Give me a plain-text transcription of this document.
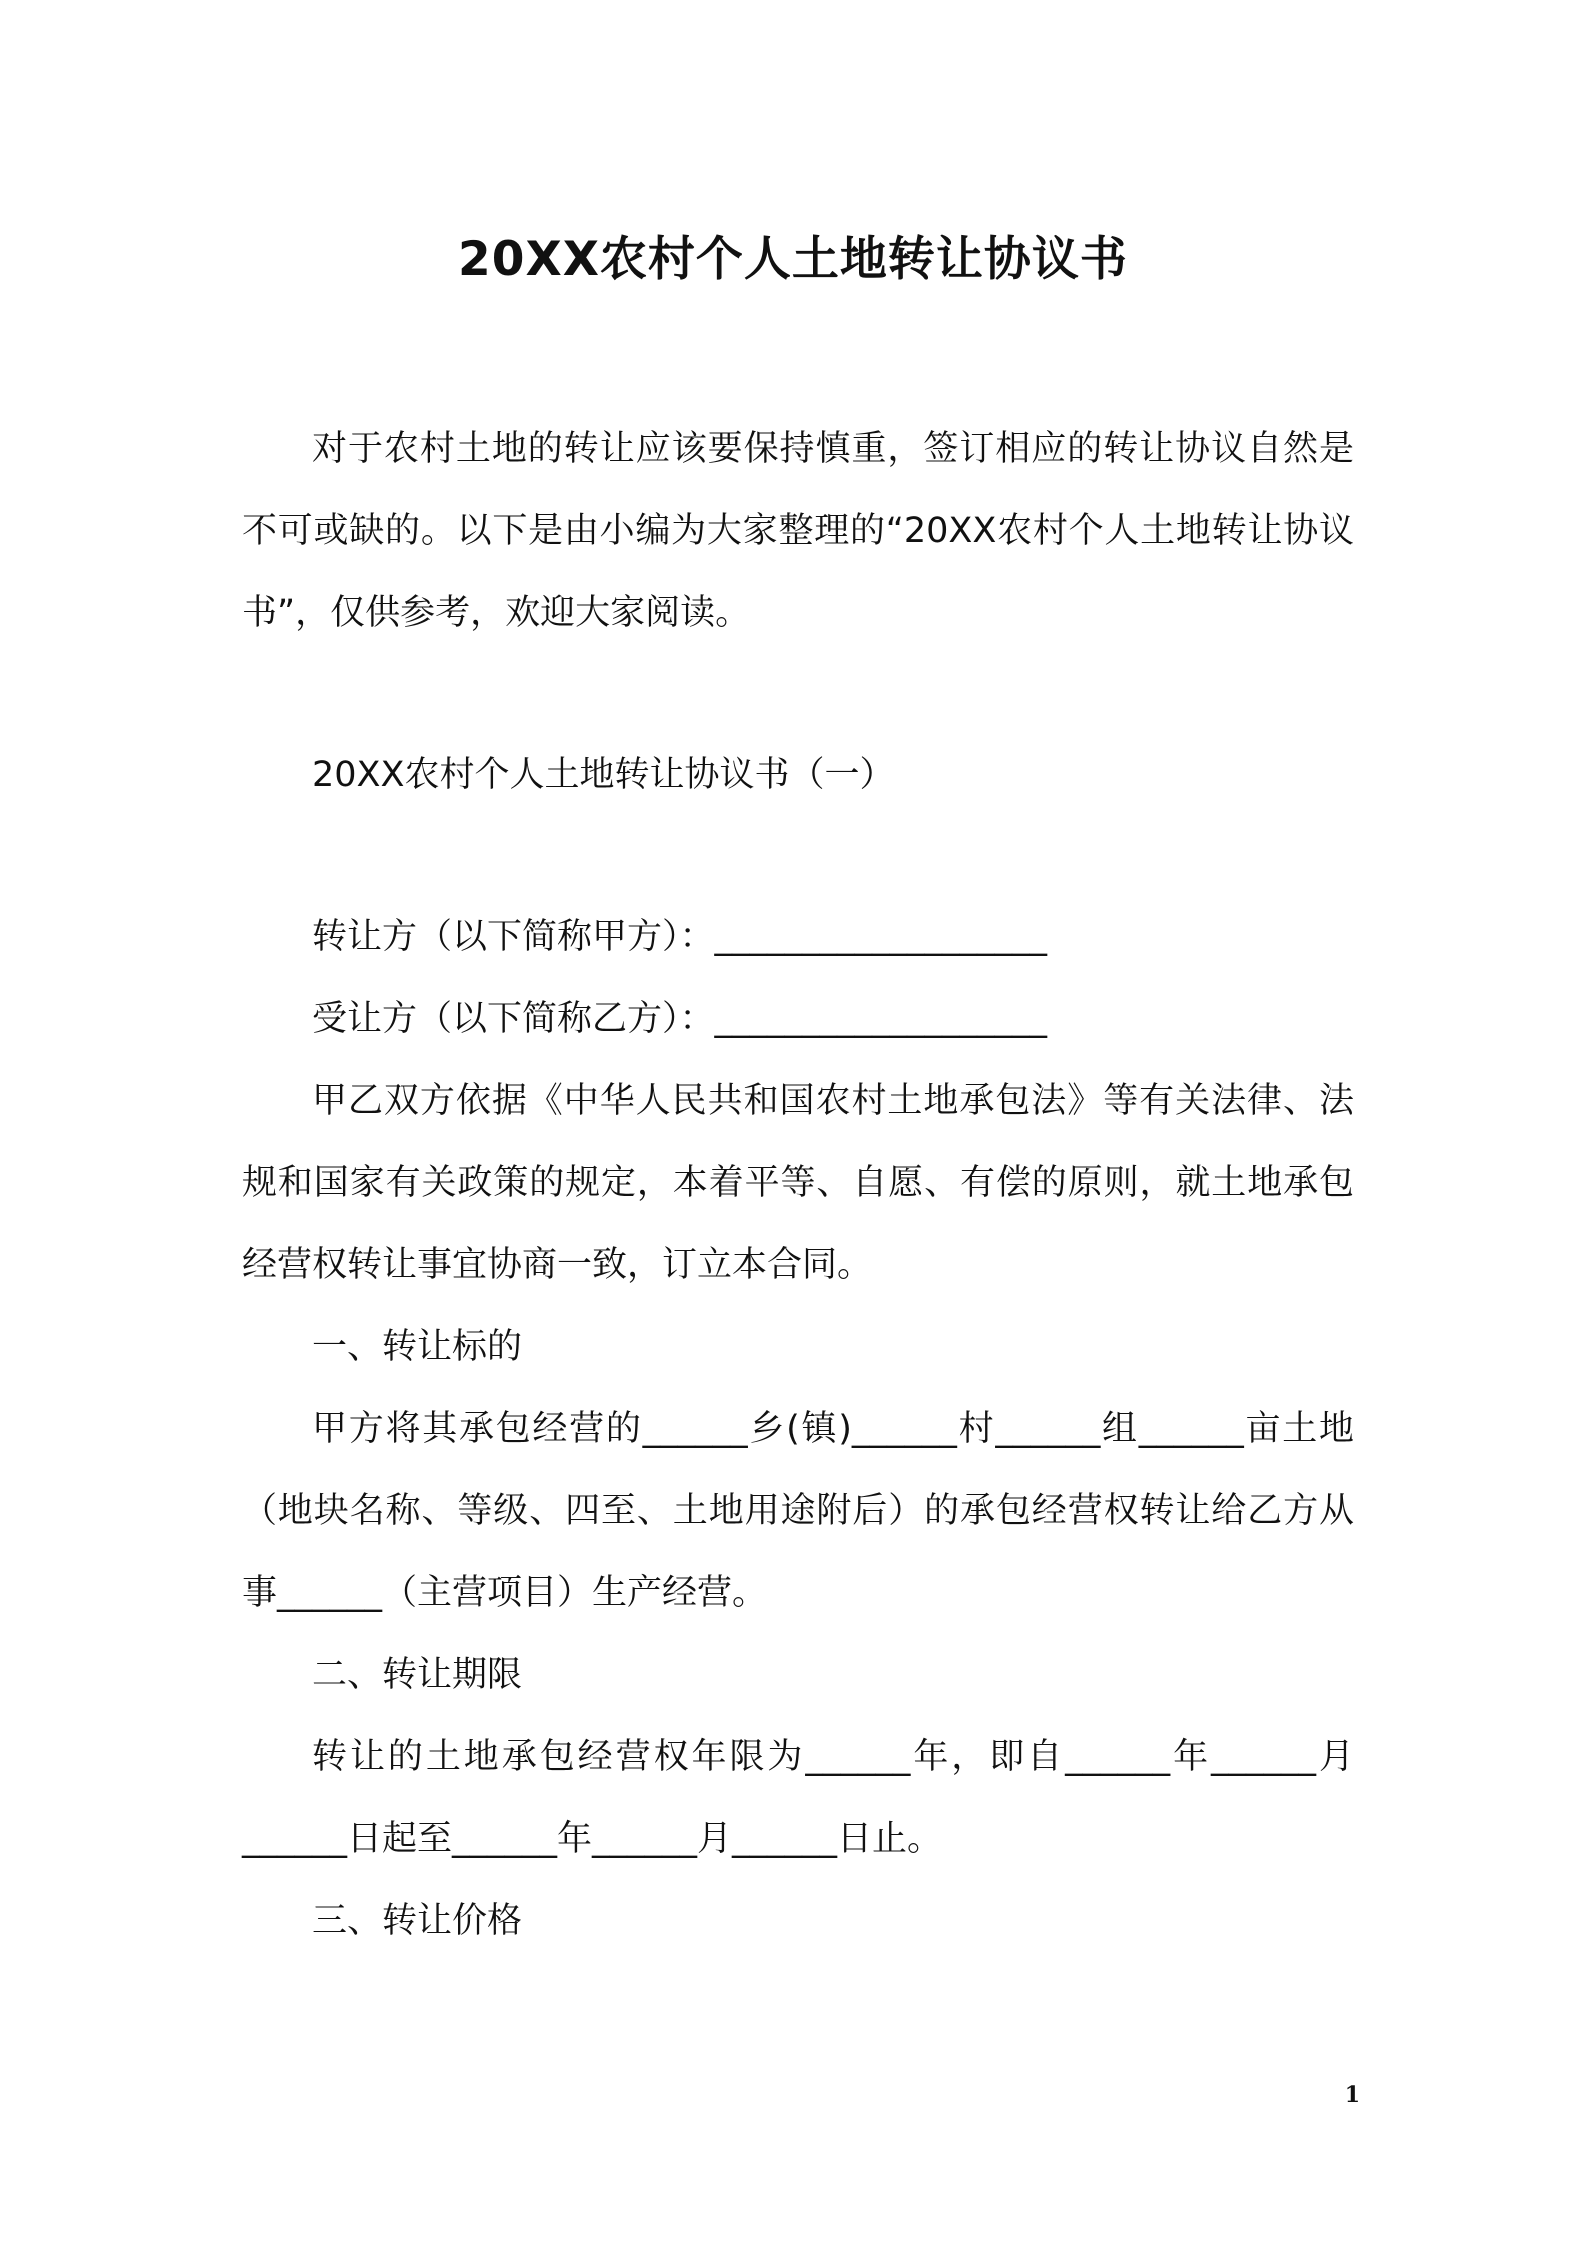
20XX农村个人土地转让协议书

对于农村土地的转让应该要保持慎重，签订相应的转让协议自然是不可或缺的。以下是由小编为大家整理的“20XX农村个人土地转让协议书”，仅供参考，欢迎大家阅读。

20XX农村个人土地转让协议书（一）

转让方（以下简称甲方）：___________________

受让方（以下简称乙方）：___________________

甲乙双方依据《中华人民共和国农村土地承包法》等有关法律、法规和国家有关政策的规定，本着平等、自愿、有偿的原则，就土地承包经营权转让事宜协商一致，订立本合同。

一、转让标的

甲方将其承包经营的______乡(镇)______村______组______亩土地（地块名称、等级、四至、土地用途附后）的承包经营权转让给乙方从事______（主营项目）生产经营。

二、转让期限

转让的土地承包经营权年限为______年，即自______年______月______日起至______年______月______日止。

三、转让价格

1
